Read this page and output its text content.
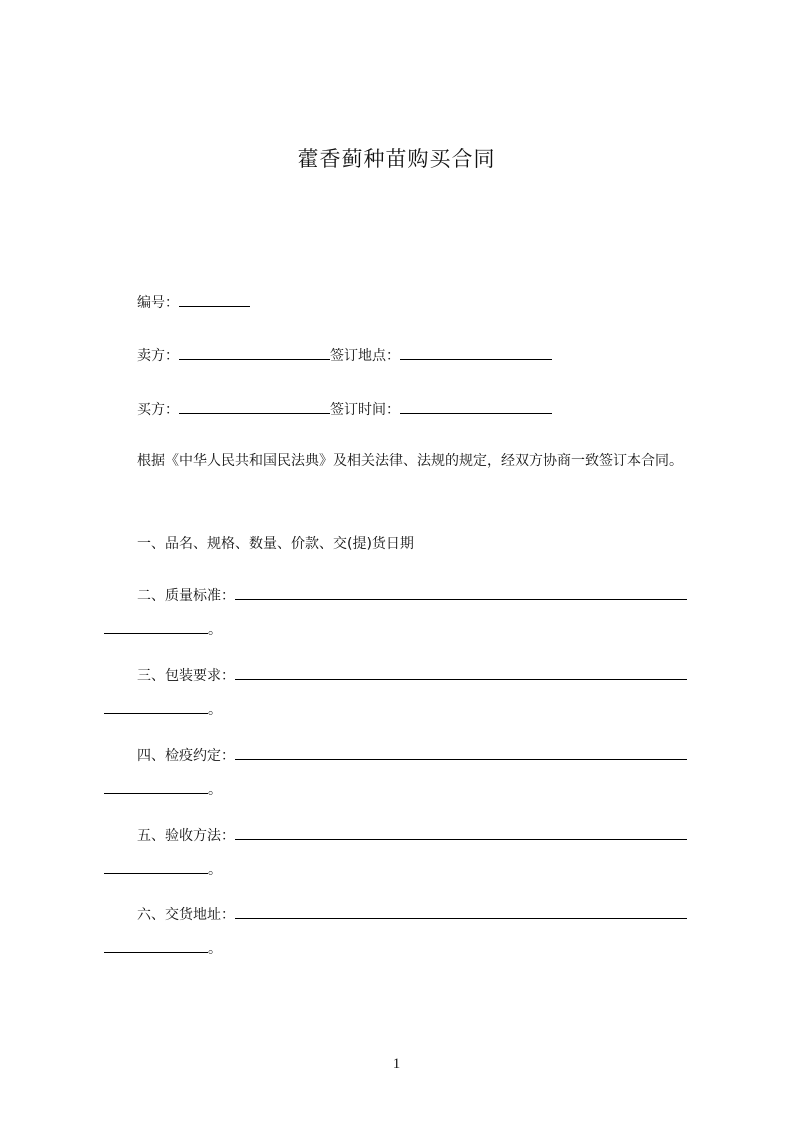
藿香蓟种苗购买合同
编号：
卖方：	签订地点：
买方：	签订时间：
根据《中华人民共和国民法典》及相关法律、法规的规定，经双方协商一致签订本合同。
一、品名、规格、数量、价款、交(提)货日期
二、质量标准：
。
三、包装要求：
。
四、检疫约定：
。
五、验收方法：
。
六、交货地址：
。
1
